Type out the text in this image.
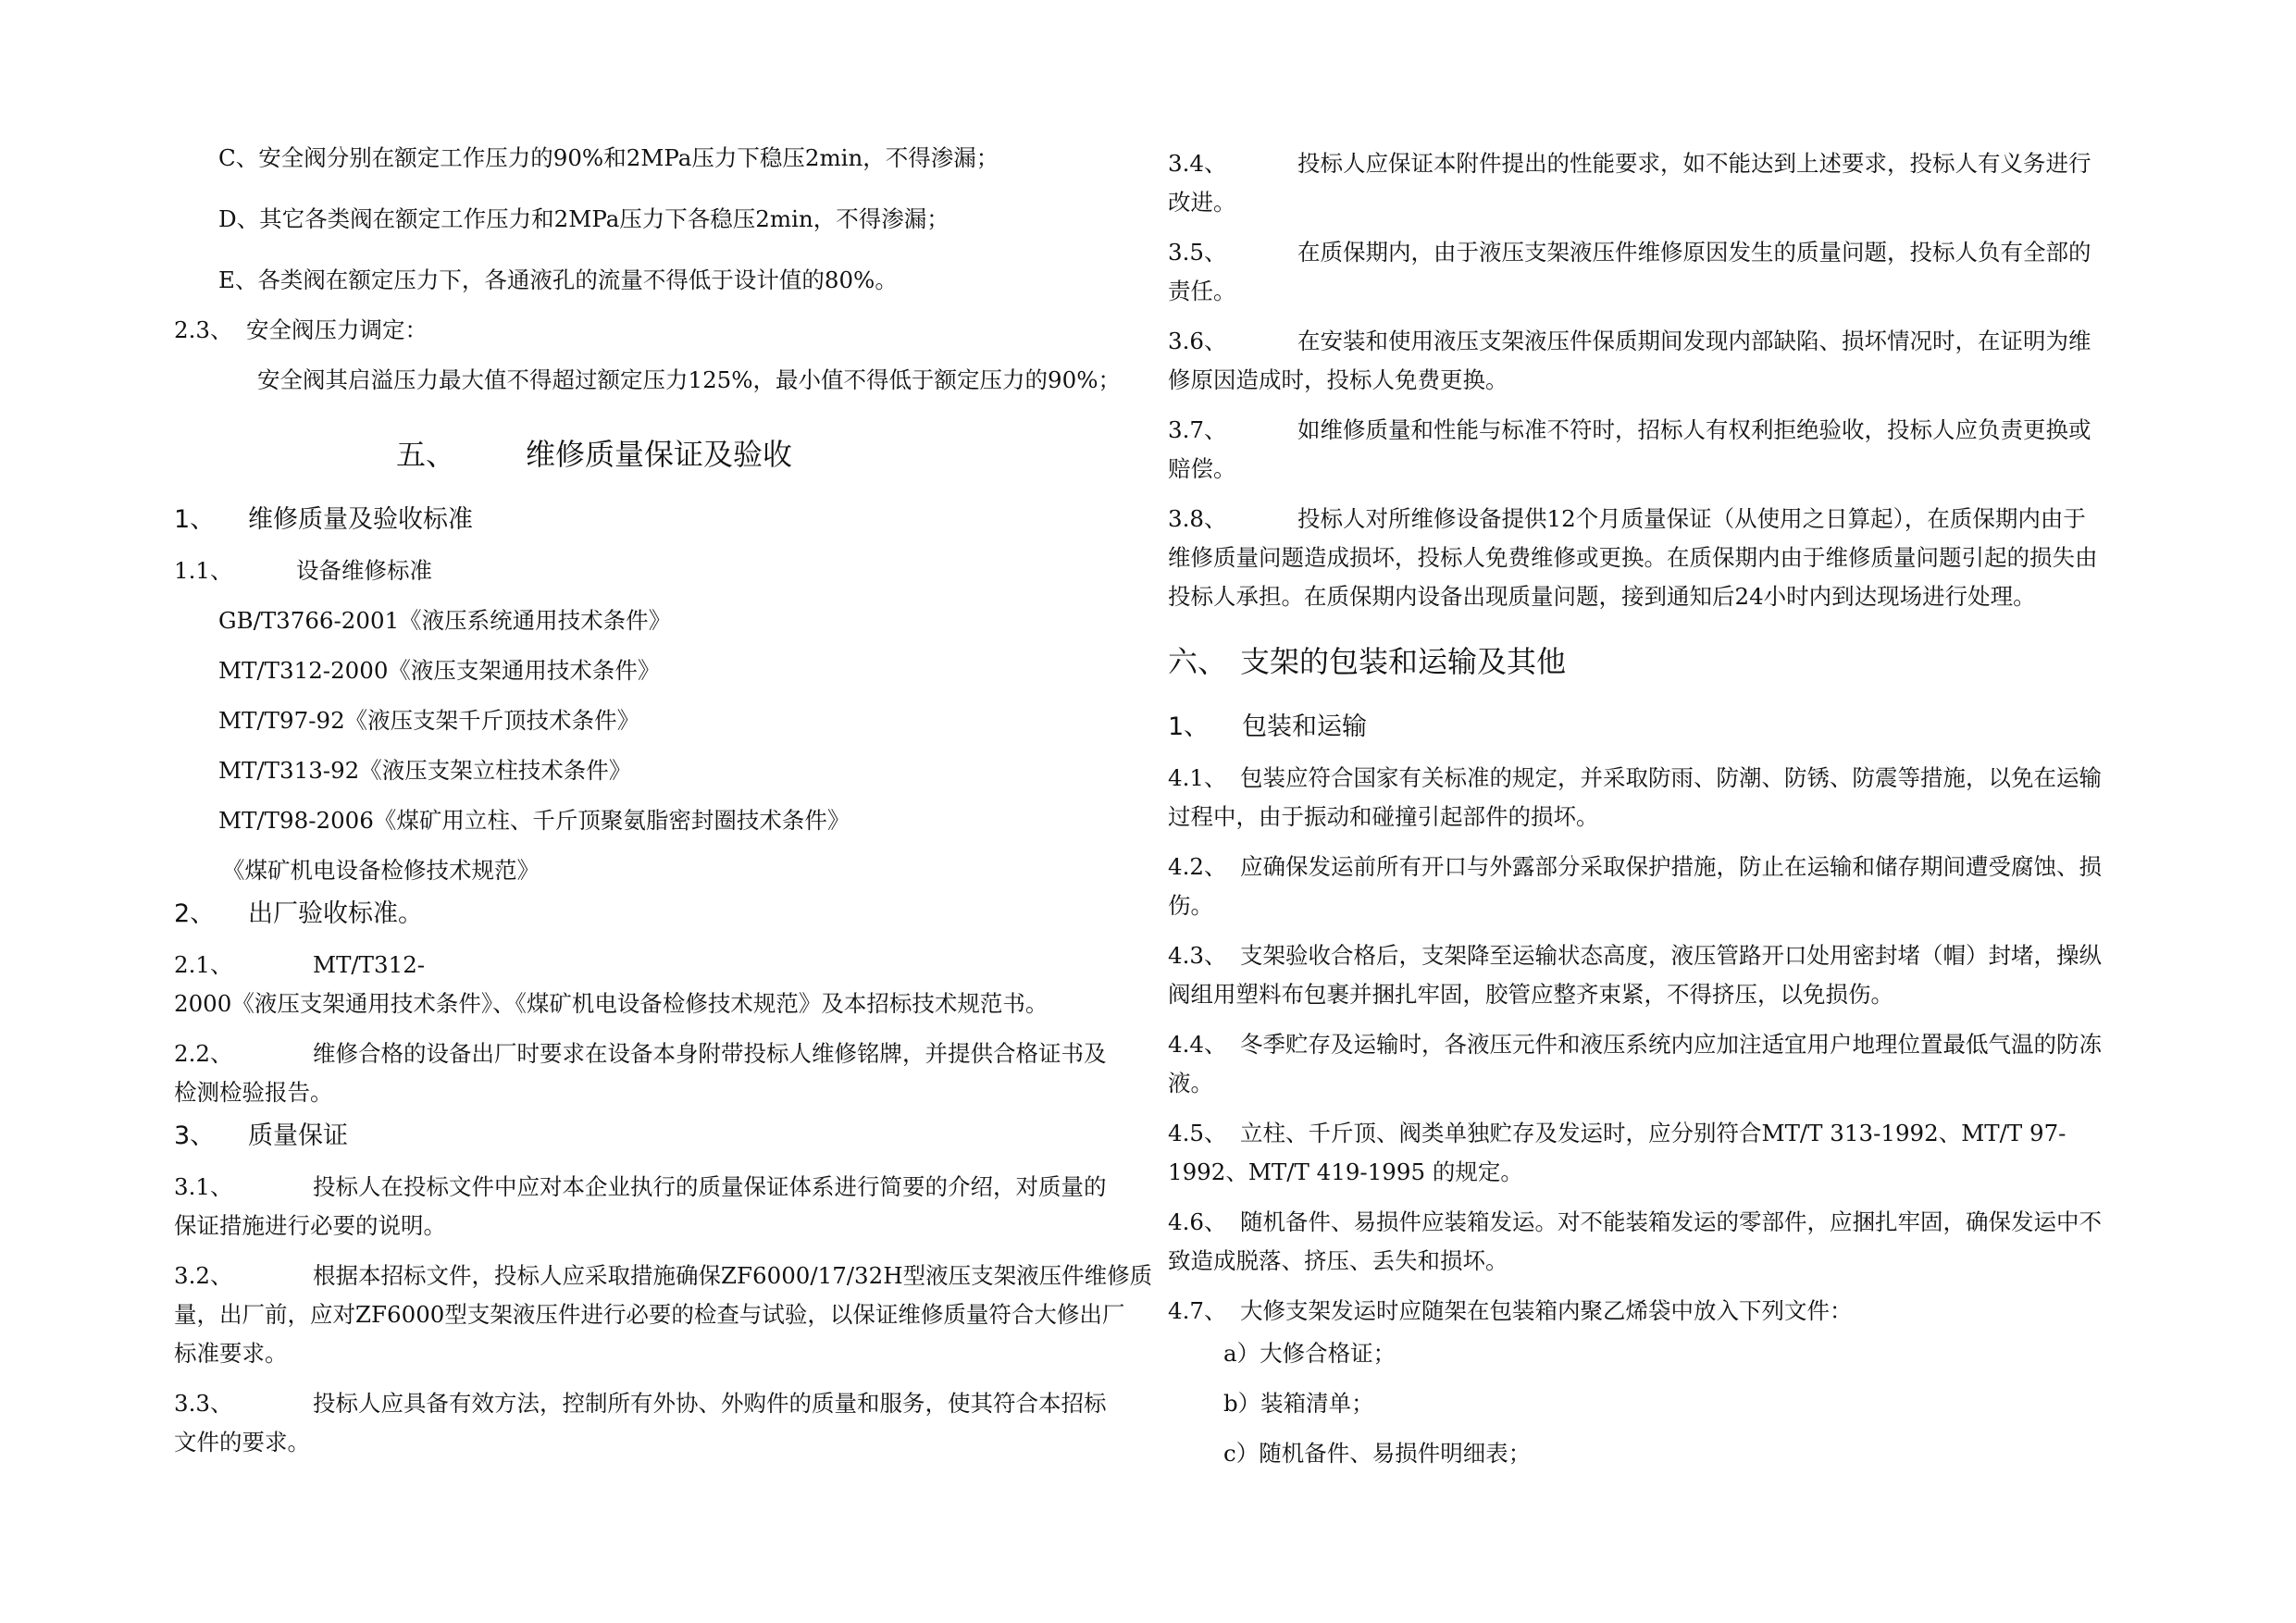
C、安全阀分别在额定工作压力的90%和2MPa压力下稳压2min，不得渗漏；

D、其它各类阀在额定工作压力和2MPa压力下各稳压2min，不得渗漏；

E、各类阀在额定压力下，各通液孔的流量不得低于设计值的80%。

2.3、 安全阀压力调定：

安全阀其启溢压力最大值不得超过额定压力125%，最小值不得低于额定压力的90%；

五、 维修质量保证及验收

1、 维修质量及验收标准

1.1、	设备维修标准

GB/T3766-2001《液压系统通用技术条件》

MT/T312-2000《液压支架通用技术条件》

MT/T97-92《液压支架千斤顶技术条件》

MT/T313-92《液压支架立柱技术条件》

MT/T98-2006《煤矿用立柱、千斤顶聚氨脂密封圈技术条件》

《煤矿机电设备检修技术规范》

2、 出厂验收标准。

2.1、	MT/T312-

2000《液压支架通用技术条件》、《煤矿机电设备检修技术规范》及本招标技术规范书。

2.2、	维修合格的设备出厂时要求在设备本身附带投标人维修铭牌，并提供合格证书及

检测检验报告。

3、 质量保证

3.1、	投标人在投标文件中应对本企业执行的质量保证体系进行简要的介绍，对质量的

保证措施进行必要的说明。

3.2、	根据本招标文件，投标人应采取措施确保ZF6000/17/32H型液压支架液压件维修质

量，出厂前，应对ZF6000型支架液压件进行必要的检查与试验，以保证维修质量符合大修出厂

标准要求。

3.3、	投标人应具备有效方法，控制所有外协、外购件的质量和服务，使其符合本招标

文件的要求。

3.4、	投标人应保证本附件提出的性能要求，如不能达到上述要求，投标人有义务进行

改进。

3.5、	在质保期内，由于液压支架液压件维修原因发生的质量问题，投标人负有全部的

责任。

3.6、	在安装和使用液压支架液压件保质期间发现内部缺陷、损坏情况时，在证明为维

修原因造成时，投标人免费更换。

3.7、	如维修质量和性能与标准不符时，招标人有权利拒绝验收，投标人应负责更换或

赔偿。

3.8、	投标人对所维修设备提供12个月质量保证（从使用之日算起），在质保期内由于

维修质量问题造成损坏，投标人免费维修或更换。在质保期内由于维修质量问题引起的损失由

投标人承担。在质保期内设备出现质量问题，接到通知后24小时内到达现场进行处理。

六、 支架的包装和运输及其他

1、 包装和运输

4.1、 包装应符合国家有关标准的规定，并采取防雨、防潮、防锈、防震等措施，以免在运输

过程中，由于振动和碰撞引起部件的损坏。

4.2、 应确保发运前所有开口与外露部分采取保护措施，防止在运输和储存期间遭受腐蚀、损

伤。

4.3、 支架验收合格后，支架降至运输状态高度，液压管路开口处用密封堵（帽）封堵，操纵

阀组用塑料布包裹并捆扎牢固，胶管应整齐束紧，不得挤压，以免损伤。

4.4、 冬季贮存及运输时，各液压元件和液压系统内应加注适宜用户地理位置最低气温的防冻

液。

4.5、 立柱、千斤顶、阀类单独贮存及发运时，应分别符合MT/T 313-1992、MT/T 97-

1992、MT/T 419-1995 的规定。

4.6、 随机备件、易损件应装箱发运。对不能装箱发运的零部件，应捆扎牢固，确保发运中不

致造成脱落、挤压、丢失和损坏。

4.7、 大修支架发运时应随架在包装箱内聚乙烯袋中放入下列文件：

a）大修合格证；

b）装箱清单；

c）随机备件、易损件明细表；
